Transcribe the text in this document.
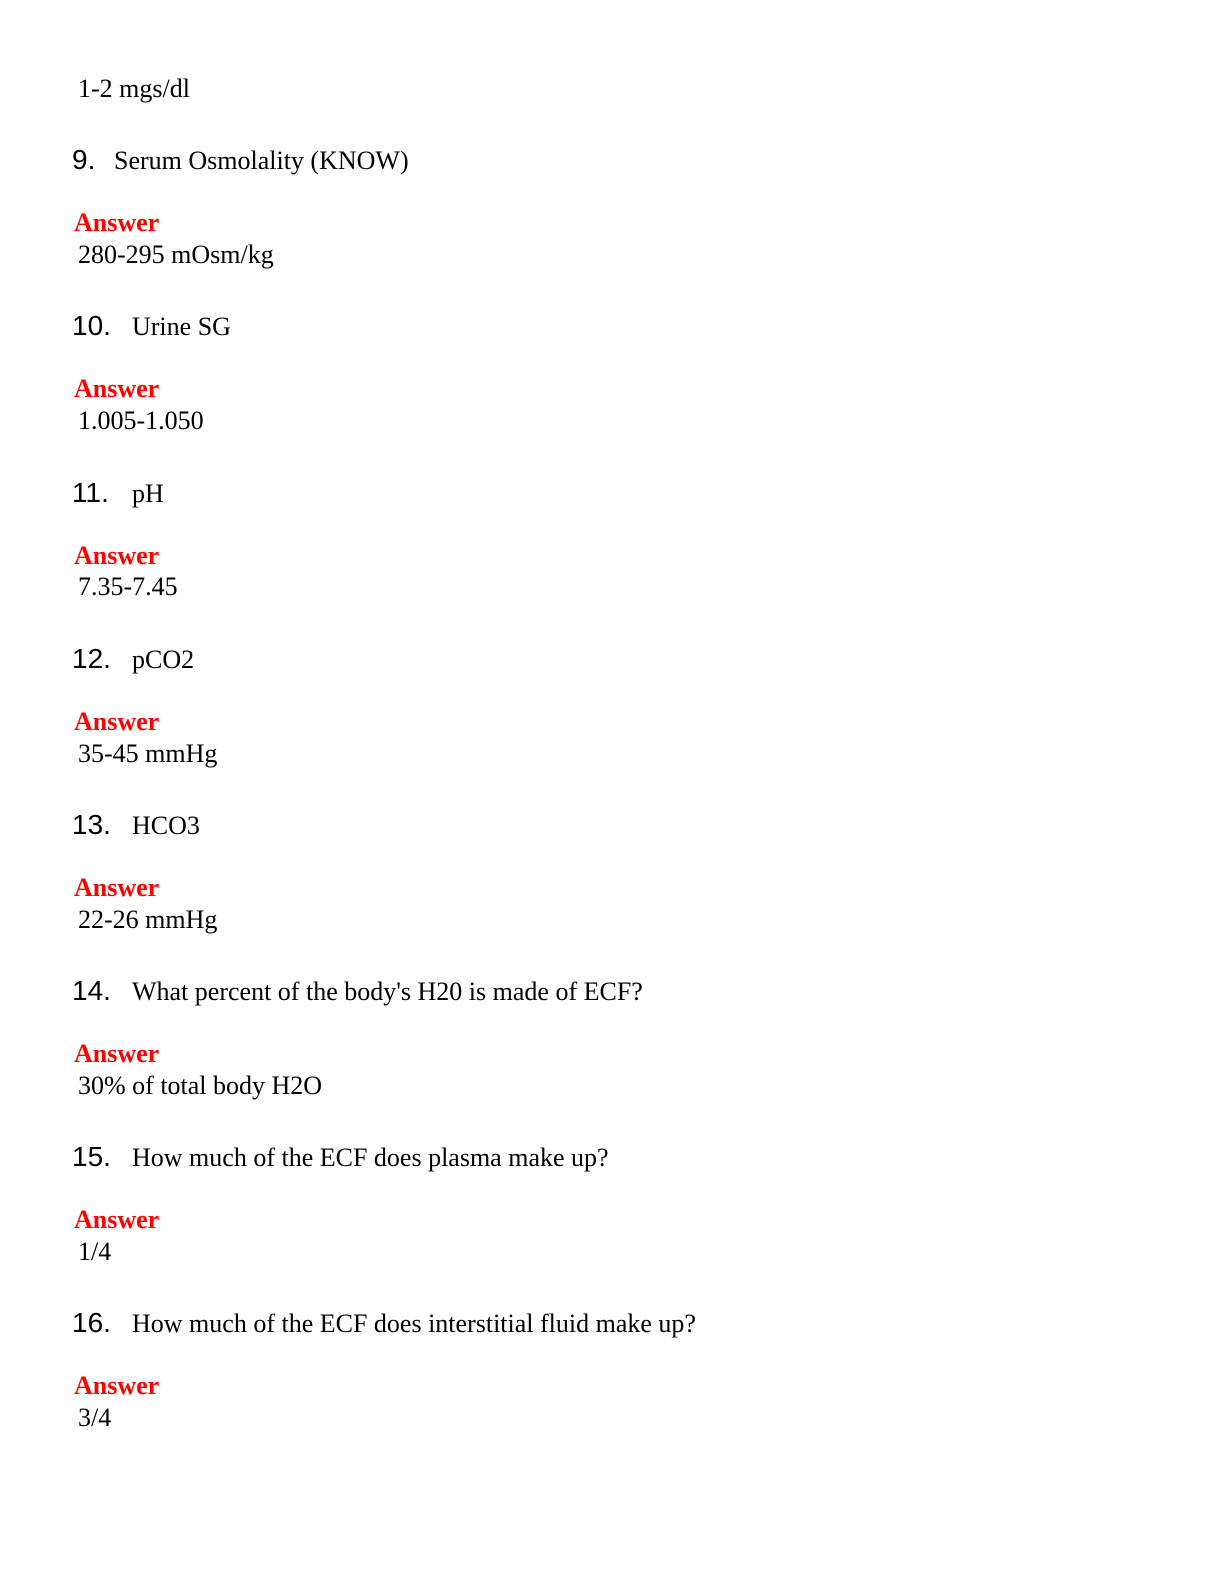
1-2 mgs/dl
9. Serum Osmolality (KNOW)
Answer
280-295 mOsm/kg
10. Urine SG
Answer
1.005-1.050
11. pH
Answer
7.35-7.45
12. pCO2
Answer
35-45 mmHg
13. HCO3
Answer
22-26 mmHg
14. What percent of the body's H20 is made of ECF?
Answer
30% of total body H2O
15. How much of the ECF does plasma make up?
Answer
1/4
16. How much of the ECF does interstitial fluid make up?
Answer
3/4
